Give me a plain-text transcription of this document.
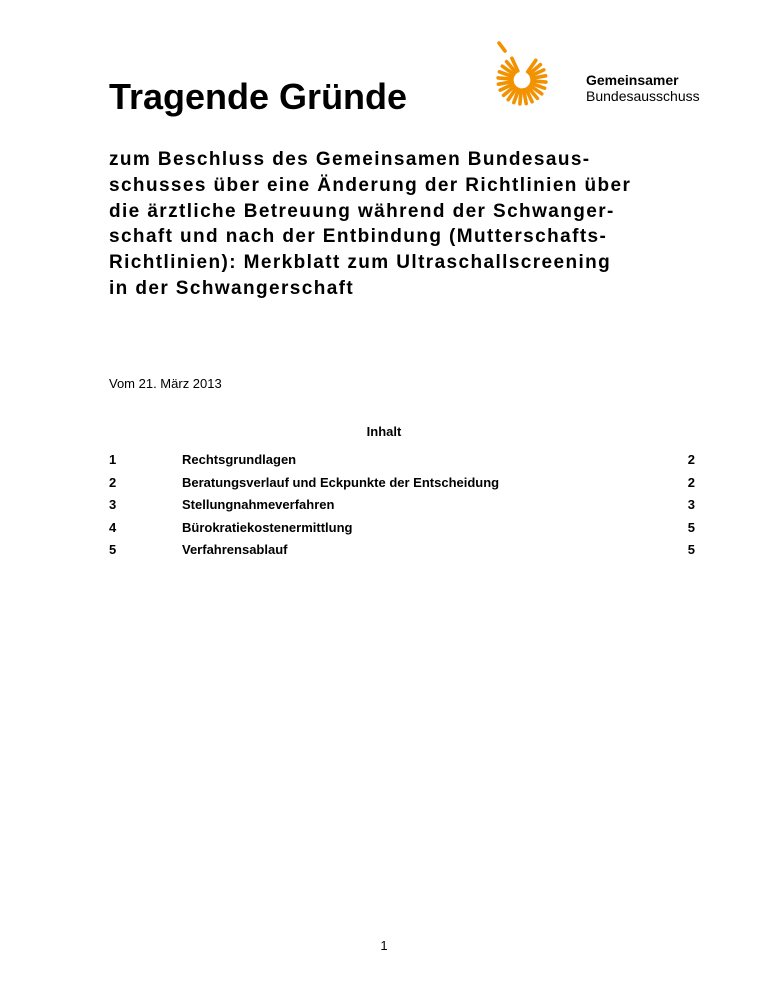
Tragende Gründe	Gemeinsamer
Bundesausschuss
zum Beschluss des Gemeinsamen Bundesaus-
schusses über eine Änderung der Richtlinien über
die ärztliche Betreuung während der Schwanger-
schaft und nach der Entbindung (Mutterschafts-
Richtlinien): Merkblatt zum Ultraschallscreening
in der Schwangerschaft
Vom 21. März 2013
Inhalt
1	Rechtsgrundlagen	2
2	Beratungsverlauf und Eckpunkte der Entscheidung	2
3	Stellungnahmeverfahren	3
4	Bürokratiekostenermittlung	5
5	Verfahrensablauf	5
1
